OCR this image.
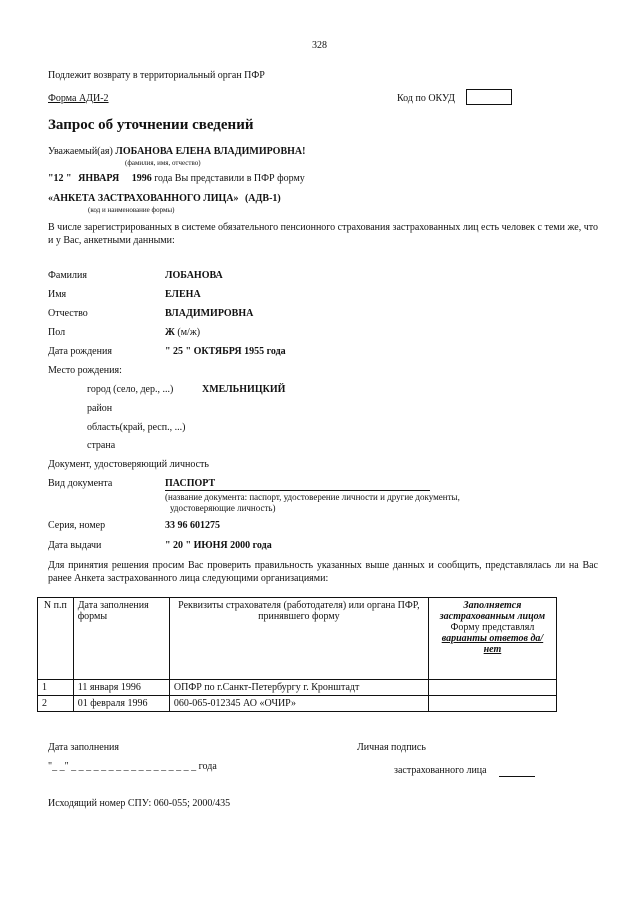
328
Подлежит возврату в территориальный орган ПФР
Форма АДИ-2	Код по ОКУД
Запрос об уточнении сведений
Уважаемый(ая) ЛОБАНОВА ЕЛЕНА ВЛАДИМИРОВНА!
(фамилия, имя, отчество)
"12 " ЯНВАРЯ 1996 года Вы представили в ПФР форму
«АНКЕТА ЗАСТРАХОВАННОГО ЛИЦА» (АДВ-1)
(код и наименование формы)
В числе зарегистрированных в системе обязательного пенсионного страхования застрахованных лиц есть человек с теми же, что и у Вас, анкетными данными:
Фамилия	ЛОБАНОВА
Имя	ЕЛЕНА
Отчество	ВЛАДИМИРОВНА
Пол	Ж (м/ж)
Дата рождения	" 25 " ОКТЯБРЯ 1955 года
Место рождения:
город (село, дер., ...)	ХМЕЛЬНИЦКИЙ
район
область(край, респ., ...)
страна
Документ, удостоверяющий личность
Вид документа	ПАСПОРТ
(название документа: паспорт, удостоверение личности и другие документы,
удостоверяющие личность)
Серия, номер	33 96 601275
Дата выдачи	" 20 " ИЮНЯ 2000 года
Для принятия решения просим Вас проверить правильность указанных выше данных и сообщить, представлялась ли на Вас ранее Анкета застрахованного лица следующими организациями:
N п.п	Дата заполнения формы	Реквизиты страхователя (работодателя) или органа ПФР, принявшего форму	Заполняется застрахованным лицом
Форму представлял
варианты ответов да/нет

1	11 января 1996	ОПФР по г.Санкт-Петербургу г. Кронштадт	
2	01 февраля 1996	060-065-012345 АО «ОЧИР»	
Дата заполнения
"_ _" _ _ _ _ _ _ _ _ _ _ _ _ _ _ _ _ _ года
Личная подпись
застрахованного лица
Исходящий номер СПУ: 060-055; 2000/435
